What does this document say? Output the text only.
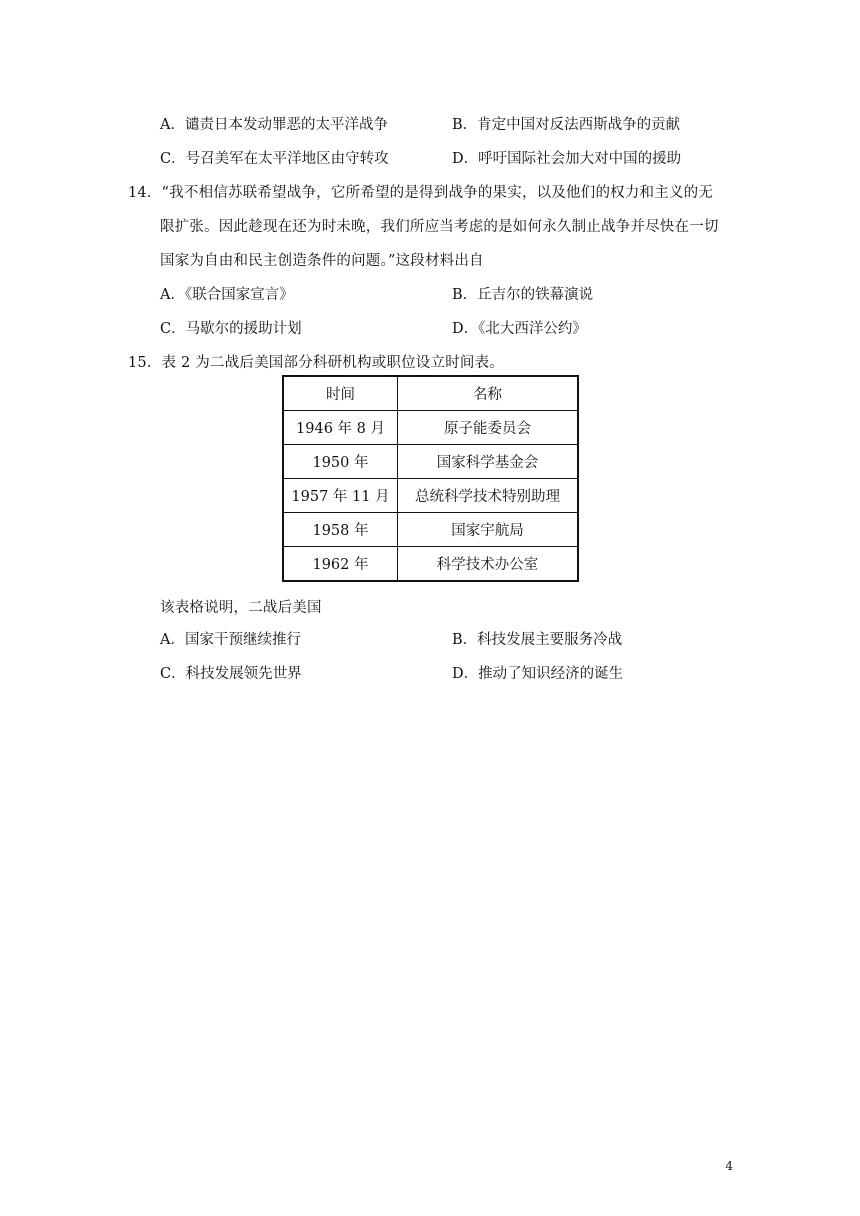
A．谴责日本发动罪恶的太平洋战争	B．肯定中国对反法西斯战争的贡献
C．号召美军在太平洋地区由守转攻	D．呼吁国际社会加大对中国的援助
14．“我不相信苏联希望战争，它所希望的是得到战争的果实，以及他们的权力和主义的无
限扩张。因此趁现在还为时未晚，我们所应当考虑的是如何永久制止战争并尽快在一切
国家为自由和民主创造条件的问题。”这段材料出自
A．《联合国家宣言》	B．丘吉尔的铁幕演说
C．马歇尔的援助计划	D．《北大西洋公约》
15．表 2 为二战后美国部分科研机构或职位设立时间表。
时间	名称
1946 年 8 月	原子能委员会
1950 年	国家科学基金会
1957 年 11 月	总统科学技术特别助理
1958 年	国家宇航局
1962 年	科学技术办公室
该表格说明，二战后美国
A．国家干预继续推行	B．科技发展主要服务冷战
C．科技发展领先世界	D．推动了知识经济的诞生
4
